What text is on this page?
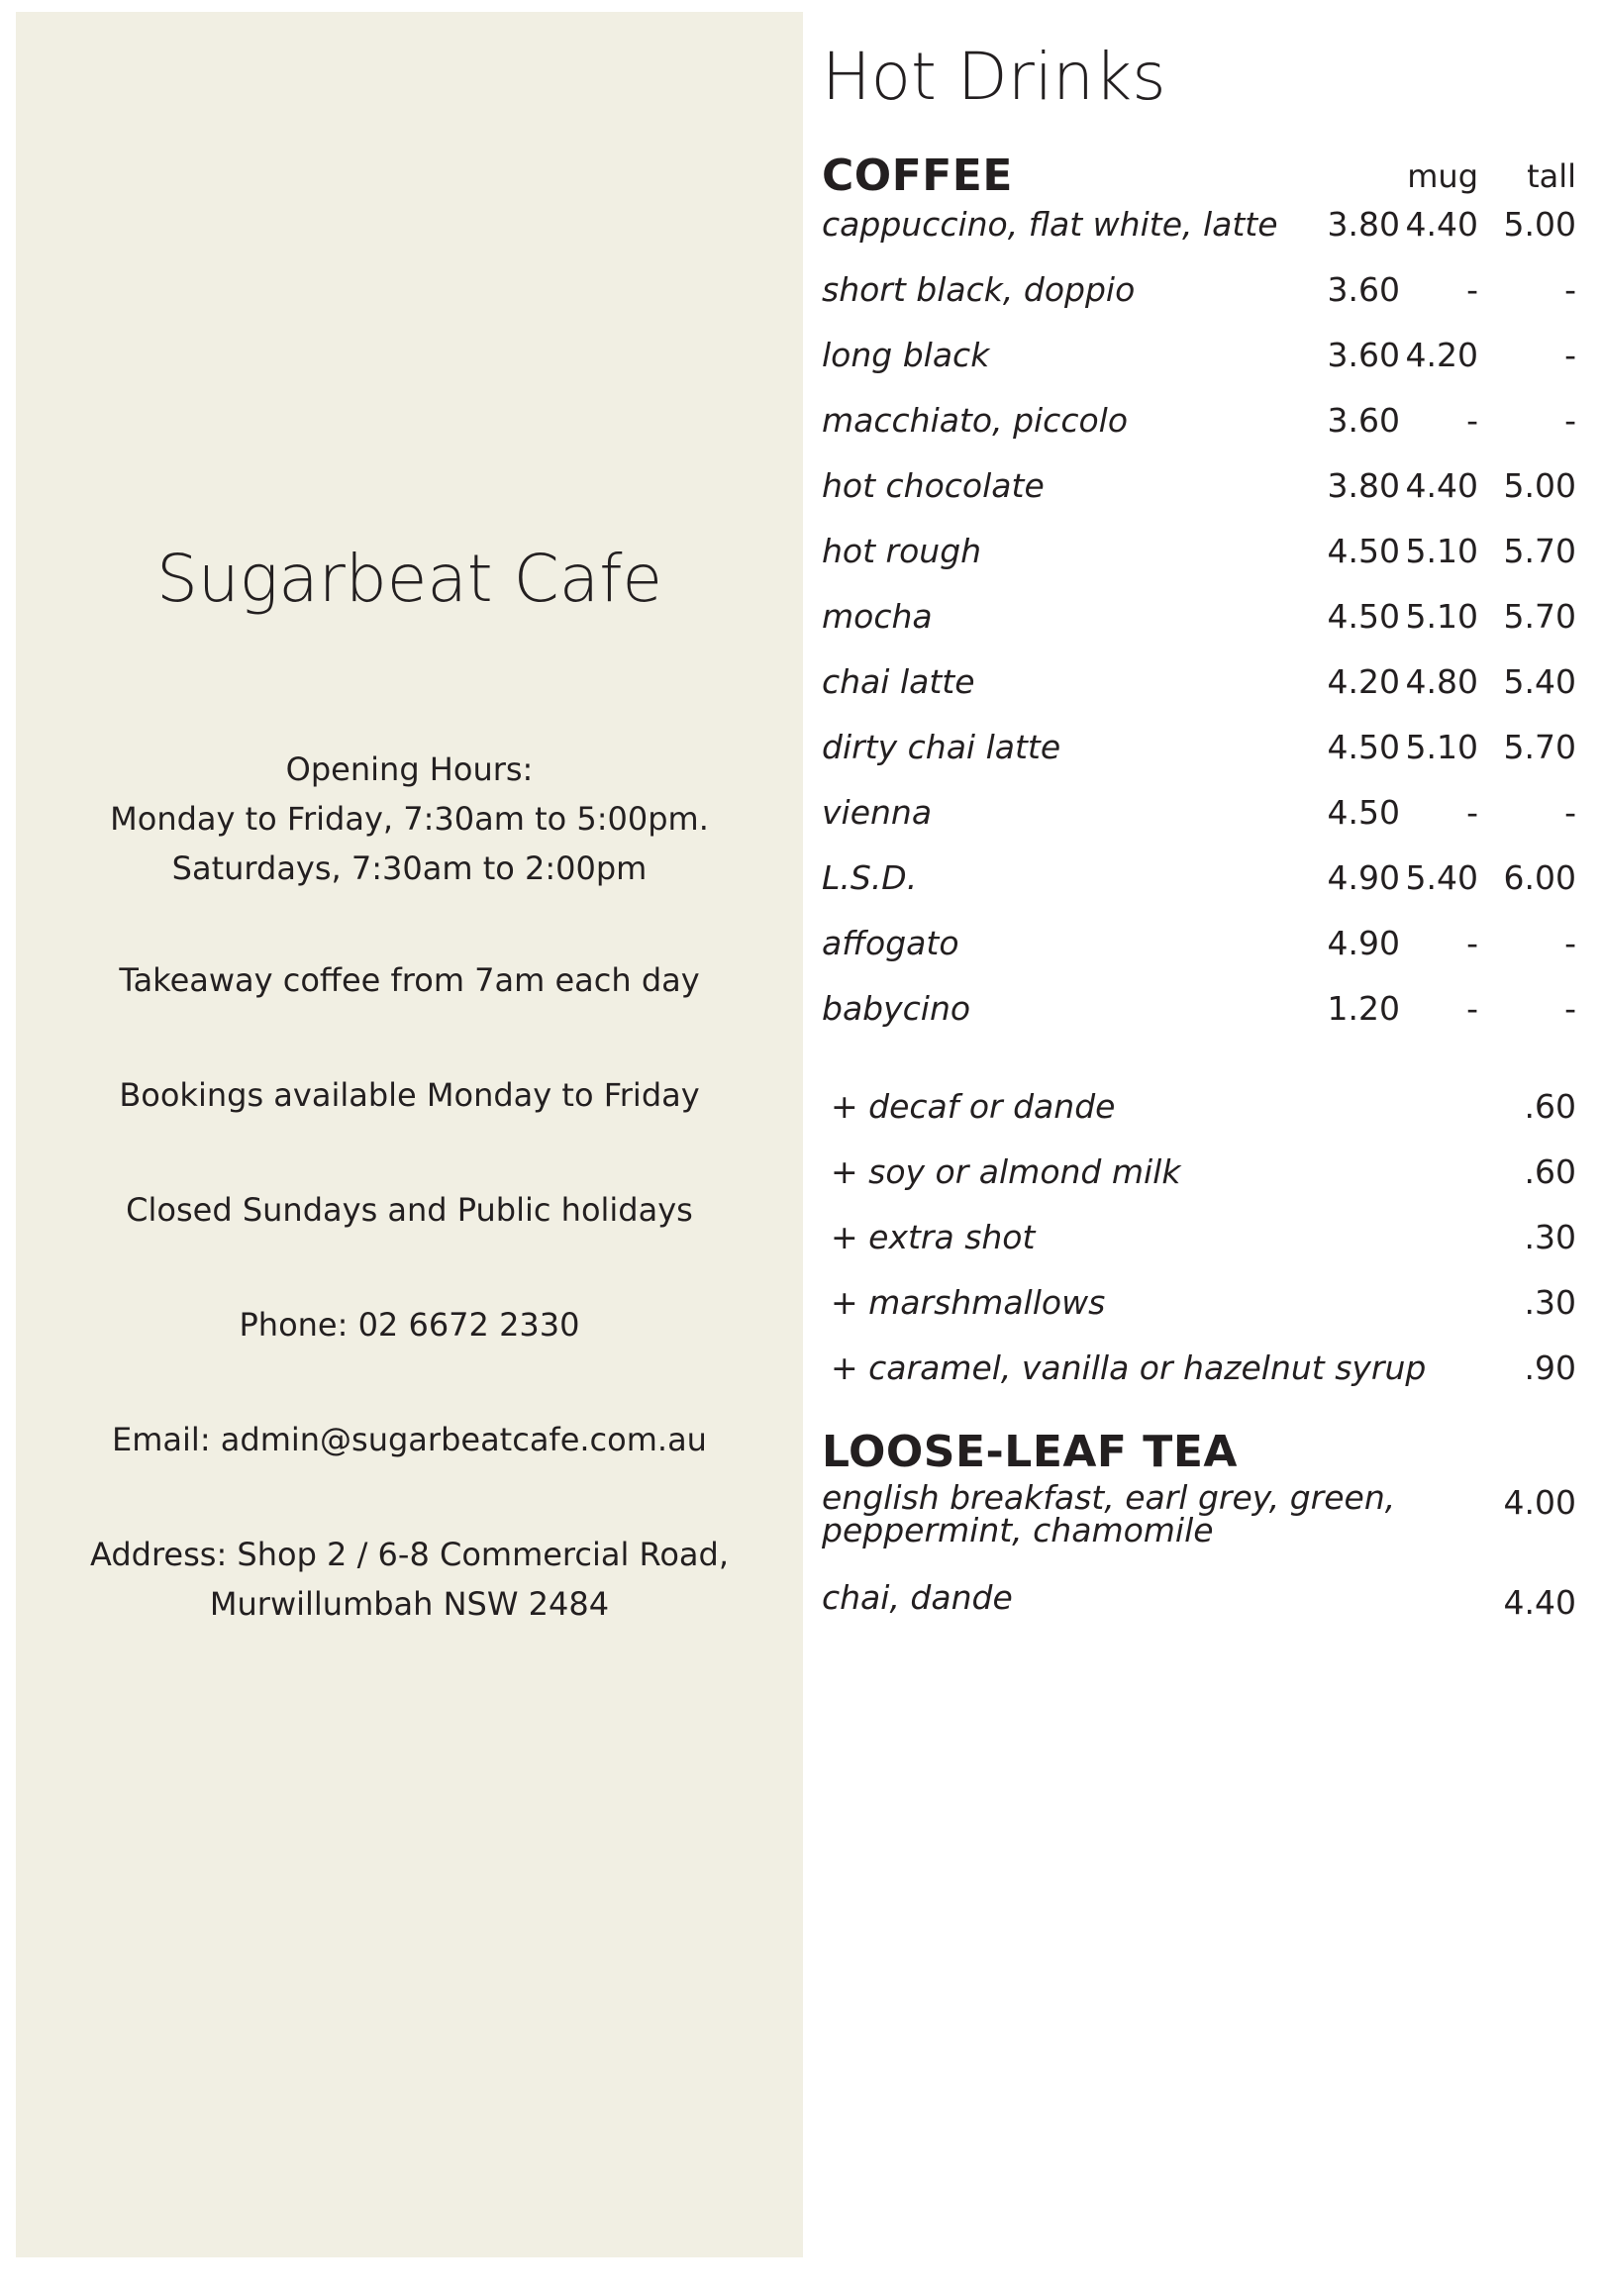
Sugarbeat Cafe
Opening Hours:
Monday to Friday, 7:30am to 5:00pm.
Saturdays, 7:30am to 2:00pm
Takeaway coffee from 7am each day
Bookings available Monday to Friday
Closed Sundays and Public holidays
Phone: 02 6672 2330
Email: admin@sugarbeatcafe.com.au
Address: Shop 2 / 6-8 Commercial Road,
Murwillumbah NSW 2484
Hot Drinks
COFFEE	mug tall
cappuccino, flat white, latte	3.80 4.40 5.00
short black, doppio	3.60	-	-
long black	3.60 4.20	-
macchiato, piccolo	3.60	-	-
hot chocolate	3.80 4.40 5.00
hot rough	4.50 5.10 5.70
mocha	4.50 5.10 5.70
chai latte	4.20 4.80 5.40
dirty chai latte	4.50 5.10 5.70
vienna	4.50	-	-
L.S.D.	4.90 5.40 6.00
affogato	4.90	-	-
babycino	1.20	-	-
+ decaf or dande	.60
+ soy or almond milk	.60
+ extra shot	.30
+ marshmallows	.30
+ caramel, vanilla or hazelnut syrup	.90
LOOSE-LEAF TEA
english breakfast, earl grey, green, peppermint, chamomile
4.00
chai, dande	4.40
